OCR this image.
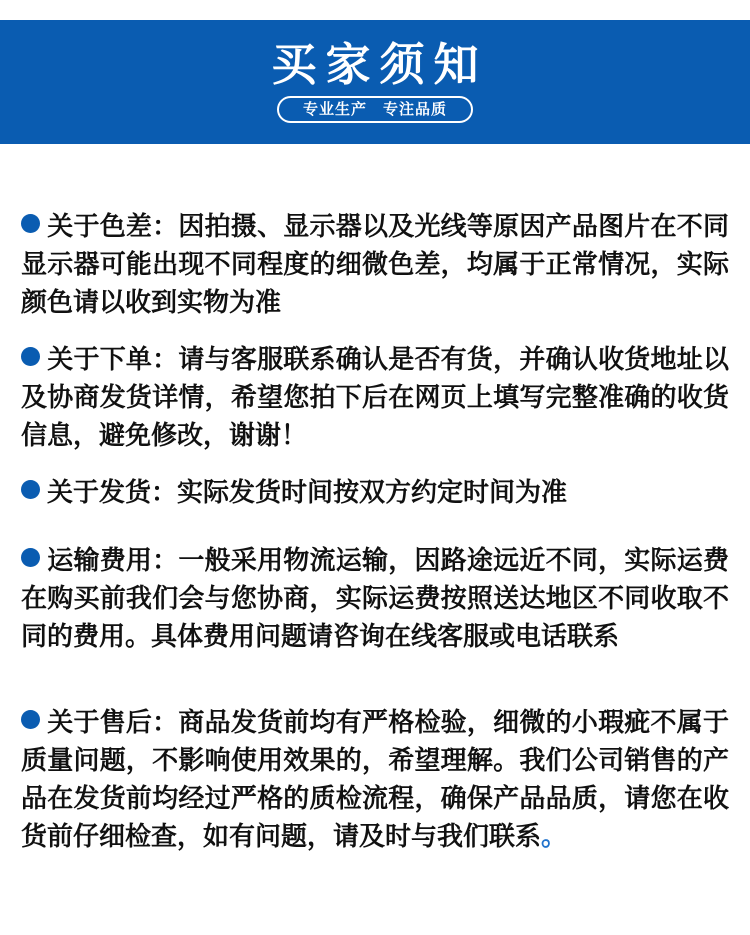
买家须知
专业生产　专注品质

关于色差：因拍摄、显示器以及光线等原因产品图片在不同显示器可能出现不同程度的细微色差，均属于正常情况，实际颜色请以收到实物为准

关于下单：请与客服联系确认是否有货，并确认收货地址以及协商发货详情，希望您拍下后在网页上填写完整准确的收货信息，避免修改，谢谢！

关于发货：实际发货时间按双方约定时间为准

运输费用：一般采用物流运输，因路途远近不同，实际运费在购买前我们会与您协商，实际运费按照送达地区不同收取不同的费用。具体费用问题请咨询在线客服或电话联系

关于售后：商品发货前均有严格检验，细微的小瑕疵不属于质量问题，不影响使用效果的，希望理解。我们公司销售的产品在发货前均经过严格的质检流程，确保产品品质，请您在收货前仔细检查，如有问题，请及时与我们联系。
